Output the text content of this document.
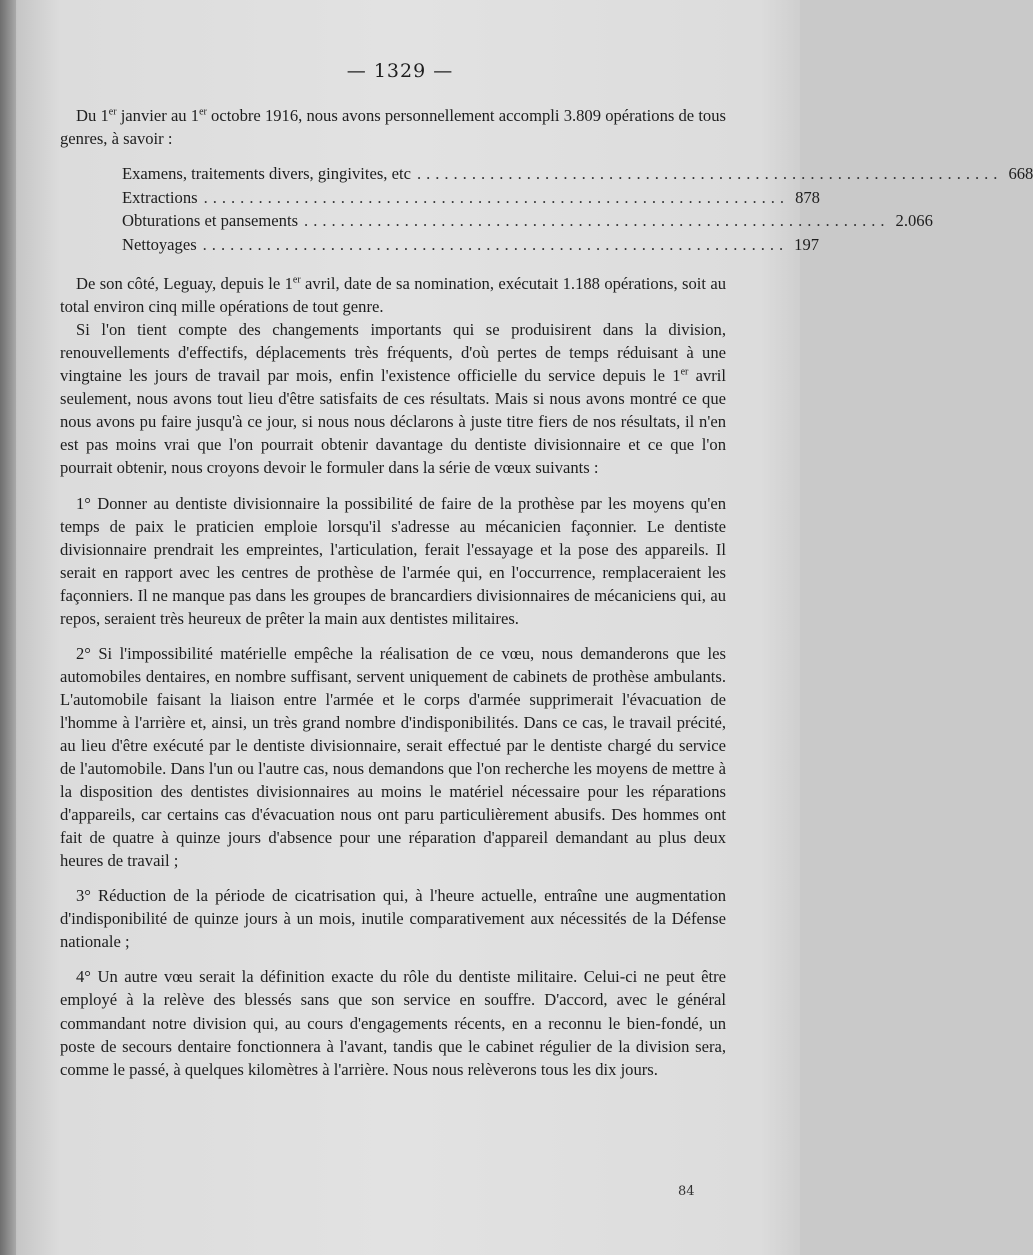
— 1329 —

Du 1er janvier au 1er octobre 1916, nous avons personnellement accompli 3.809 opérations de tous genres, à savoir :

Examens, traitements divers, gingivites, etc ................................................................ 668
Extractions ................................................................ 878
Obturations et pansements ................................................................ 2.066
Nettoyages ................................................................ 197

De son côté, Leguay, depuis le 1er avril, date de sa nomination, exécutait 1.188 opérations, soit au total environ cinq mille opérations de tout genre.

Si l'on tient compte des changements importants qui se produisirent dans la division, renouvellements d'effectifs, déplacements très fréquents, d'où pertes de temps réduisant à une vingtaine les jours de travail par mois, enfin l'existence officielle du service depuis le 1er avril seulement, nous avons tout lieu d'être satisfaits de ces résultats. Mais si nous avons montré ce que nous avons pu faire jusqu'à ce jour, si nous nous déclarons à juste titre fiers de nos résultats, il n'en est pas moins vrai que l'on pourrait obtenir davantage du dentiste divisionnaire et ce que l'on pourrait obtenir, nous croyons devoir le formuler dans la série de vœux suivants :

1° Donner au dentiste divisionnaire la possibilité de faire de la prothèse par les moyens qu'en temps de paix le praticien emploie lorsqu'il s'adresse au mécanicien façonnier. Le dentiste divisionnaire prendrait les empreintes, l'articulation, ferait l'essayage et la pose des appareils. Il serait en rapport avec les centres de prothèse de l'armée qui, en l'occurrence, remplaceraient les façonniers. Il ne manque pas dans les groupes de brancardiers divisionnaires de mécaniciens qui, au repos, seraient très heureux de prêter la main aux dentistes militaires.

2° Si l'impossibilité matérielle empêche la réalisation de ce vœu, nous demanderons que les automobiles dentaires, en nombre suffisant, servent uniquement de cabinets de prothèse ambulants. L'automobile faisant la liaison entre l'armée et le corps d'armée supprimerait l'évacuation de l'homme à l'arrière et, ainsi, un très grand nombre d'indisponibilités. Dans ce cas, le travail précité, au lieu d'être exécuté par le dentiste divisionnaire, serait effectué par le dentiste chargé du service de l'automobile. Dans l'un ou l'autre cas, nous demandons que l'on recherche les moyens de mettre à la disposition des dentistes divisionnaires au moins le matériel nécessaire pour les réparations d'appareils, car certains cas d'évacuation nous ont paru particulièrement abusifs. Des hommes ont fait de quatre à quinze jours d'absence pour une réparation d'appareil demandant au plus deux heures de travail ;

3° Réduction de la période de cicatrisation qui, à l'heure actuelle, entraîne une augmentation d'indisponibilité de quinze jours à un mois, inutile comparativement aux nécessités de la Défense nationale ;

4° Un autre vœu serait la définition exacte du rôle du dentiste militaire. Celui-ci ne peut être employé à la relève des blessés sans que son service en souffre. D'accord, avec le général commandant notre division qui, au cours d'engagements récents, en a reconnu le bien-fondé, un poste de secours dentaire fonctionnera à l'avant, tandis que le cabinet régulier de la division sera, comme le passé, à quelques kilomètres à l'arrière. Nous nous relèverons tous les dix jours.

84
